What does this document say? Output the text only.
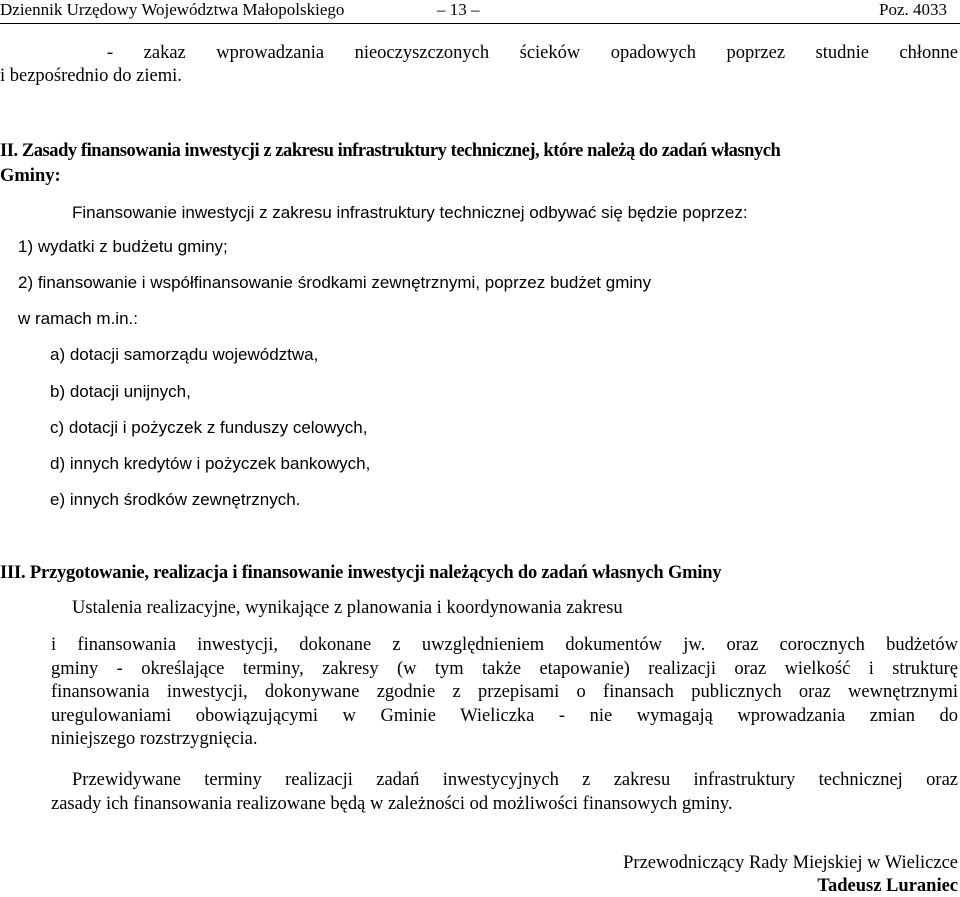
Dziennik Urzędowy Województwa Małopolskiego	– 13 –	Poz. 4033
- zakaz wprowadzania nieoczyszczonych ścieków opadowych poprzez studnie chłonne
i bezpośrednio do ziemi.
II. Zasady finansowania inwestycji z zakresu infrastruktury technicznej, które należą do zadań własnych
Gminy:
Finansowanie inwestycji z zakresu infrastruktury technicznej odbywać się będzie poprzez:
1) wydatki z budżetu gminy;
2) finansowanie i współfinansowanie środkami zewnętrznymi, poprzez budżet gminy
w ramach m.in.:
a) dotacji samorządu województwa,
b) dotacji unijnych,
c) dotacji i pożyczek z funduszy celowych,
d) innych kredytów i pożyczek bankowych,
e) innych środków zewnętrznych.
III. Przygotowanie, realizacja i finansowanie inwestycji należących do zadań własnych Gminy
Ustalenia realizacyjne, wynikające z planowania i koordynowania zakresu
i finansowania inwestycji, dokonane z uwzględnieniem dokumentów jw. oraz corocznych budżetów
gminy - określające terminy, zakresy (w tym także etapowanie) realizacji oraz wielkość i strukturę
finansowania inwestycji, dokonywane zgodnie z przepisami o finansach publicznych oraz wewnętrznymi
uregulowaniami obowiązującymi w Gminie Wieliczka - nie wymagają wprowadzania zmian do
niniejszego rozstrzygnięcia.
Przewidywane terminy realizacji zadań inwestycyjnych z zakresu infrastruktury technicznej oraz
zasady ich finansowania realizowane będą w zależności od możliwości finansowych gminy.
Przewodniczący Rady Miejskiej w Wieliczce
Tadeusz Luraniec
